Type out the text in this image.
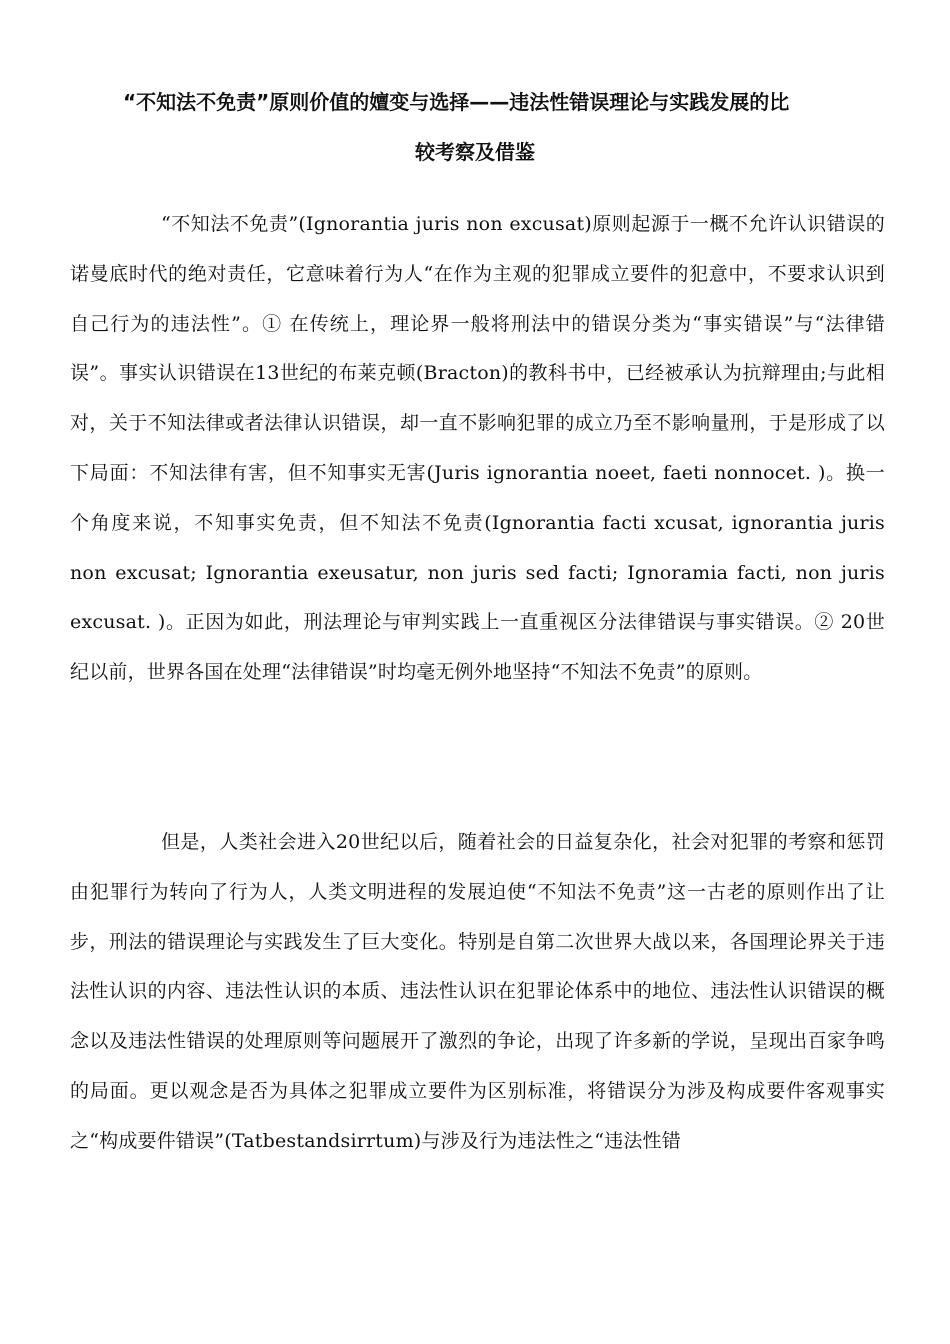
“不知法不免责”原则价值的嬗变与选择——违法性错误理论与实践发展的比
较考察及借鉴

“不知法不免责”(Ignorantia juris non excusat)原则起源于一概不允许认识错误的诺曼底时代的绝对责任，它意味着行为人“在作为主观的犯罪成立要件的犯意中，不要求认识到自己行为的违法性”。① 在传统上，理论界一般将刑法中的错误分类为“事实错误”与“法律错误”。事实认识错误在13世纪的布莱克顿(Bracton)的教科书中，已经被承认为抗辩理由;与此相对，关于不知法律或者法律认识错误，却一直不影响犯罪的成立乃至不影响量刑，于是形成了以下局面：不知法律有害，但不知事实无害(Juris ignorantia noeet, faeti nonnocet. )。换一个角度来说，不知事实免责，但不知法不免责(Ignorantia facti xcusat, ignorantia juris non excusat; Ignorantia exeusatur, non juris sed facti; Ignoramia facti, non juris excusat. )。正因为如此，刑法理论与审判实践上一直重视区分法律错误与事实错误。② 20世纪以前，世界各国在处理“法律错误”时均毫无例外地坚持“不知法不免责”的原则。

但是，人类社会进入20世纪以后，随着社会的日益复杂化，社会对犯罪的考察和惩罚由犯罪行为转向了行为人，人类文明进程的发展迫使“不知法不免责”这一古老的原则作出了让步，刑法的错误理论与实践发生了巨大变化。特别是自第二次世界大战以来，各国理论界关于违法性认识的内容、违法性认识的本质、违法性认识在犯罪论体系中的地位、违法性认识错误的概念以及违法性错误的处理原则等问题展开了激烈的争论，出现了许多新的学说，呈现出百家争鸣的局面。更以观念是否为具体之犯罪成立要件为区别标准，将错误分为涉及构成要件客观事实之“构成要件错误”(Tatbestandsirrtum)与涉及行为违法性之“违法性错
